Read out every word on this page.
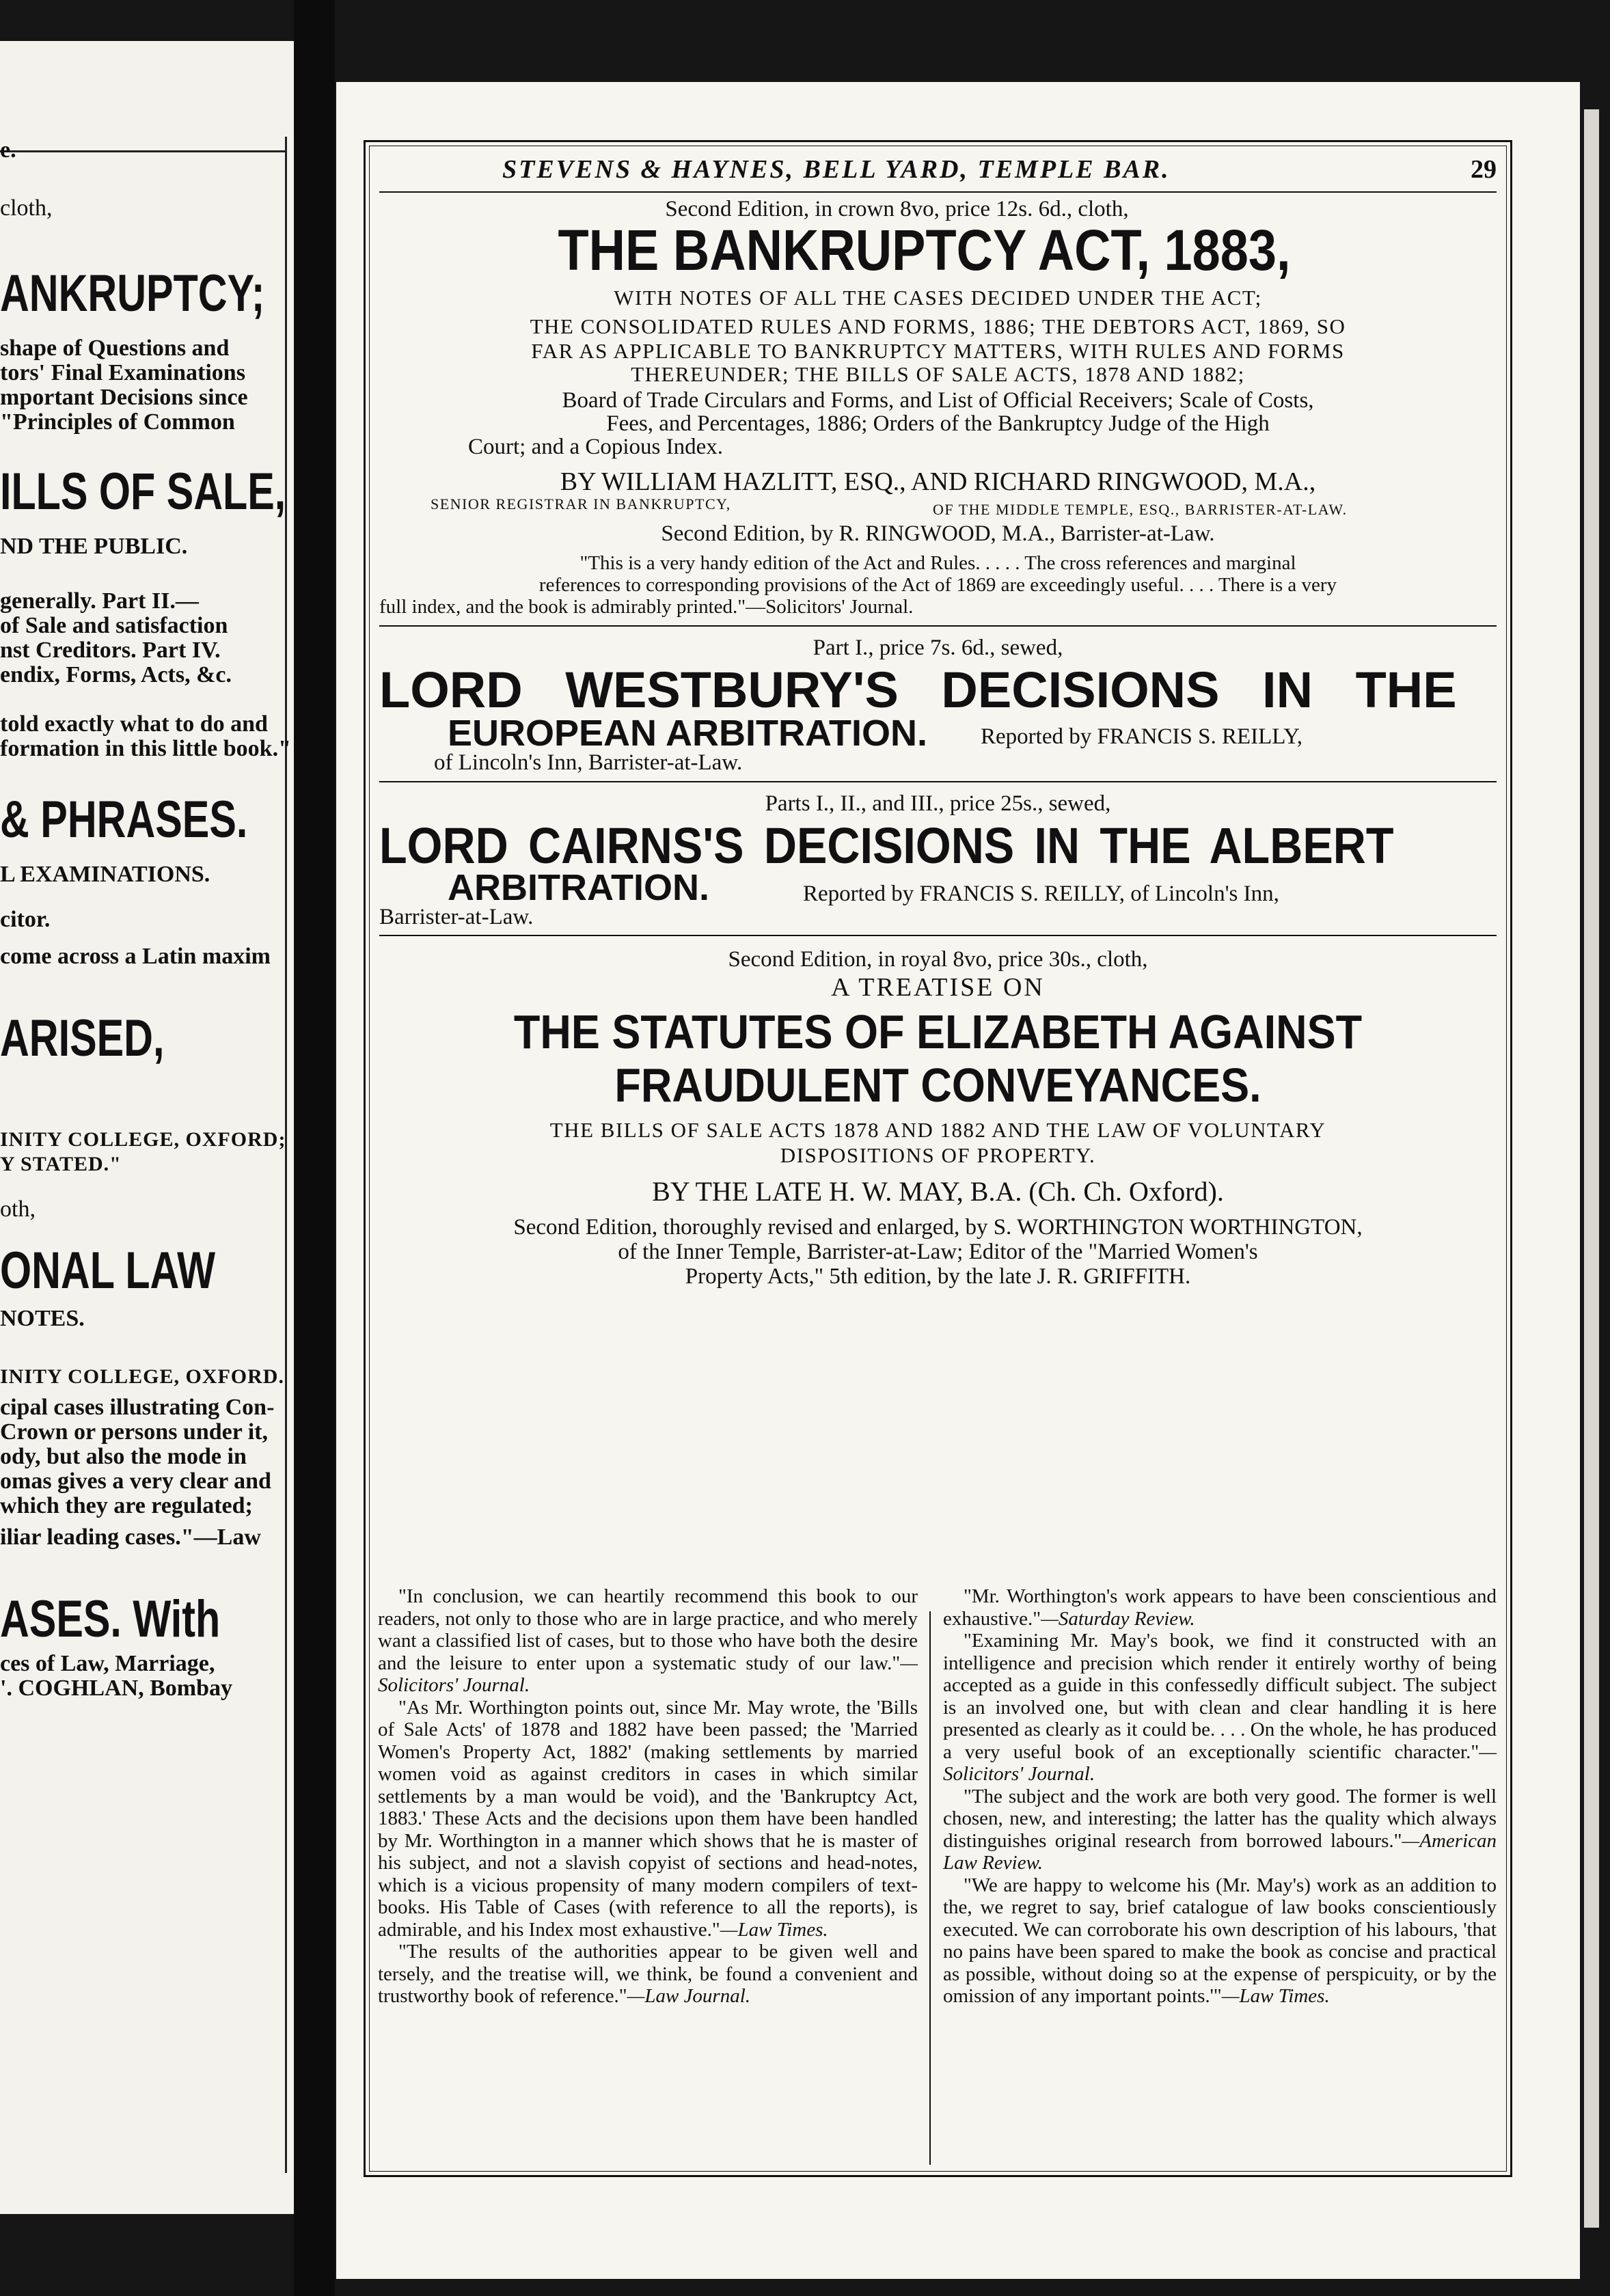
e.
cloth,
ANKRUPTCY;
shape of Questions and
tors' Final Examinations
mportant Decisions since
"Principles of Common
ILLS OF SALE,
ND THE PUBLIC.
generally. Part II.—
of Sale and satisfaction
nst Creditors. Part IV.
endix, Forms, Acts, &c.
told exactly what to do and
formation in this little book."
& PHRASES.
L EXAMINATIONS.
citor.
come across a Latin maxim
ARISED,
INITY COLLEGE, OXFORD;
Y STATED."
oth,
ONAL LAW
NOTES.
INITY COLLEGE, OXFORD.
cipal cases illustrating Con-
Crown or persons under it,
ody, but also the mode in
omas gives a very clear and
which they are regulated;
iliar leading cases."—Law
ASES. With
ces of Law, Marriage,
'. COGHLAN, Bombay
STEVENS & HAYNES, BELL YARD, TEMPLE BAR.	29
Second Edition, in crown 8vo, price 12s. 6d., cloth,
THE BANKRUPTCY ACT, 1883,
WITH NOTES OF ALL THE CASES DECIDED UNDER THE ACT;
THE CONSOLIDATED RULES AND FORMS, 1886; THE DEBTORS ACT, 1869, SO
FAR AS APPLICABLE TO BANKRUPTCY MATTERS, WITH RULES AND FORMS
THEREUNDER; THE BILLS OF SALE ACTS, 1878 AND 1882;
Board of Trade Circulars and Forms, and List of Official Receivers; Scale of Costs,
Fees, and Percentages, 1886; Orders of the Bankruptcy Judge of the High
Court; and a Copious Index.
BY WILLIAM HAZLITT, ESQ., AND RICHARD RINGWOOD, M.A.,
SENIOR REGISTRAR IN BANKRUPTCY,	OF THE MIDDLE TEMPLE, ESQ., BARRISTER-AT-LAW.
Second Edition, by R. RINGWOOD, M.A., Barrister-at-Law.
"This is a very handy edition of the Act and Rules. . . . . The cross references and marginal
references to corresponding provisions of the Act of 1869 are exceedingly useful. . . . There is a very
full index, and the book is admirably printed."—Solicitors' Journal.
Part I., price 7s. 6d., sewed,
LORD WESTBURY'S DECISIONS IN THE
EUROPEAN ARBITRATION. Reported by FRANCIS S. REILLY,
of Lincoln's Inn, Barrister-at-Law.
Parts I., II., and III., price 25s., sewed,
LORD CAIRNS'S DECISIONS IN THE ALBERT
ARBITRATION.	Reported by FRANCIS S. REILLY, of Lincoln's Inn,
Barrister-at-Law.
Second Edition, in royal 8vo, price 30s., cloth,
A TREATISE ON
THE STATUTES OF ELIZABETH AGAINST
FRAUDULENT CONVEYANCES.
THE BILLS OF SALE ACTS 1878 AND 1882 AND THE LAW OF VOLUNTARY
DISPOSITIONS OF PROPERTY.
BY THE LATE H. W. MAY, B.A. (Ch. Ch. Oxford).
Second Edition, thoroughly revised and enlarged, by S. WORTHINGTON WORTHINGTON,
of the Inner Temple, Barrister-at-Law; Editor of the "Married Women's
Property Acts," 5th edition, by the late J. R. GRIFFITH.

"In conclusion, we can heartily recommend this book to our readers, not only to those who are in large practice, and who merely want a classified list of cases, but to those who have both the desire and the leisure to enter upon a systematic study of our law."—Solicitors' Journal.

"As Mr. Worthington points out, since Mr. May wrote, the 'Bills of Sale Acts' of 1878 and 1882 have been passed; the 'Married Women's Property Act, 1882' (making settlements by married women void as against creditors in cases in which similar settlements by a man would be void), and the 'Bankruptcy Act, 1883.' These Acts and the decisions upon them have been handled by Mr. Worthington in a manner which shows that he is master of his subject, and not a slavish copyist of sections and head-notes, which is a vicious propensity of many modern compilers of text-books. His Table of Cases (with reference to all the reports), is admirable, and his Index most exhaustive."—Law Times.

"The results of the authorities appear to be given well and tersely, and the treatise will, we think, be found a convenient and trustworthy book of reference."—Law Journal.

"Mr. Worthington's work appears to have been conscientious and exhaustive."—Saturday Review.

"Examining Mr. May's book, we find it constructed with an intelligence and precision which render it entirely worthy of being accepted as a guide in this confessedly difficult subject. The subject is an involved one, but with clean and clear handling it is here presented as clearly as it could be. . . . On the whole, he has produced a very useful book of an exceptionally scientific character."—Solicitors' Journal.

"The subject and the work are both very good. The former is well chosen, new, and interesting; the latter has the quality which always distinguishes original research from borrowed labours."—American Law Review.

"We are happy to welcome his (Mr. May's) work as an addition to the, we regret to say, brief catalogue of law books conscientiously executed. We can corroborate his own description of his labours, 'that no pains have been spared to make the book as concise and practical as possible, without doing so at the expense of perspicuity, or by the omission of any important points.'"—Law Times.
